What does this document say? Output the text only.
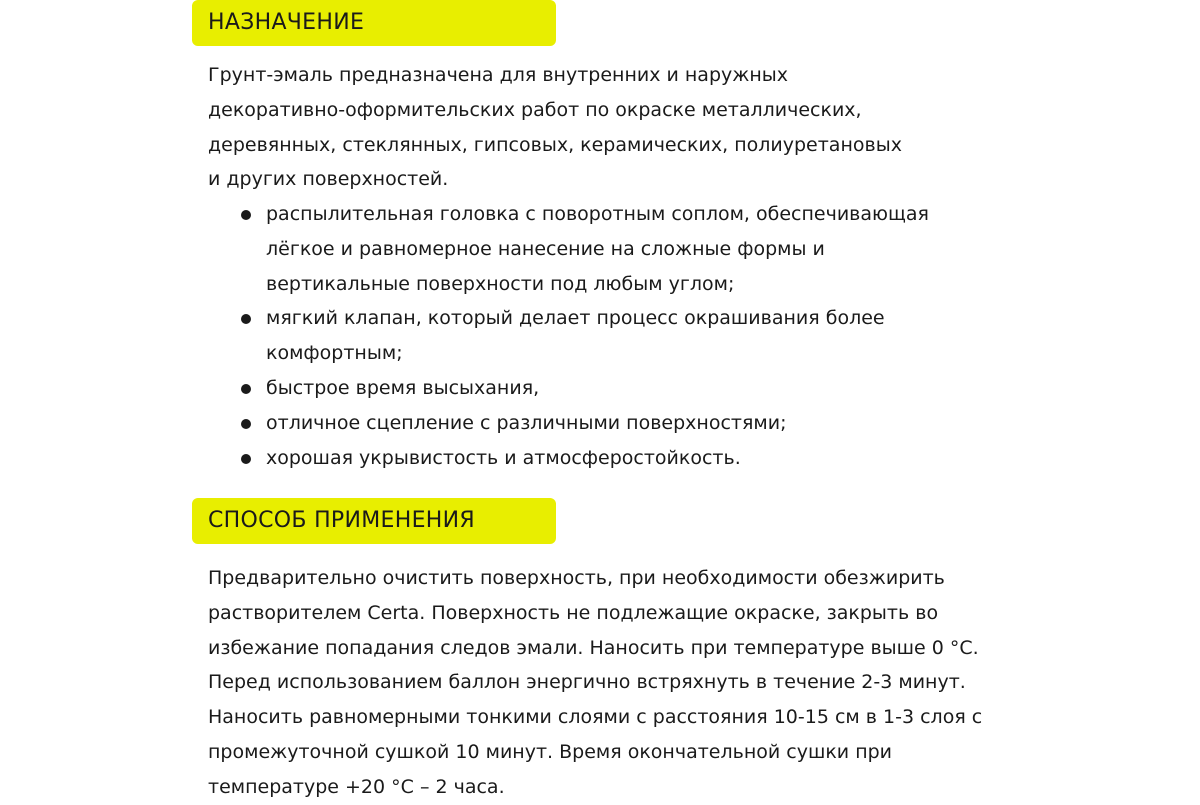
НАЗНАЧЕНИЕ
Грунт-эмаль предназначена для внутренних и наружных
декоративно-оформительских работ по окраске металлических,
деревянных, стеклянных, гипсовых, керамических, полиуретановых
и других поверхностей.
распылительная головка с поворотным соплом, обеспечивающая
лёгкое и равномерное нанесение на сложные формы и
вертикальные поверхности под любым углом;
мягкий клапан, который делает процесс окрашивания более
комфортным;
быстрое время высыхания,
отличное сцепление с различными поверхностями;
хорошая укрывистость и атмосферостойкость.
СПОСОБ ПРИМЕНЕНИЯ
Предварительно очистить поверхность, при необходимости обезжирить
растворителем Certa. Поверхность не подлежащие окраске, закрыть во
избежание попадания следов эмали. Наносить при температуре выше 0 °С.
Перед использованием баллон энергично встряхнуть в течение 2-3 минут.
Наносить равномерными тонкими слоями с расстояния 10-15 см в 1-3 слоя с
промежуточной сушкой 10 минут. Время окончательной сушки при
температуре +20 °С – 2 часа.
